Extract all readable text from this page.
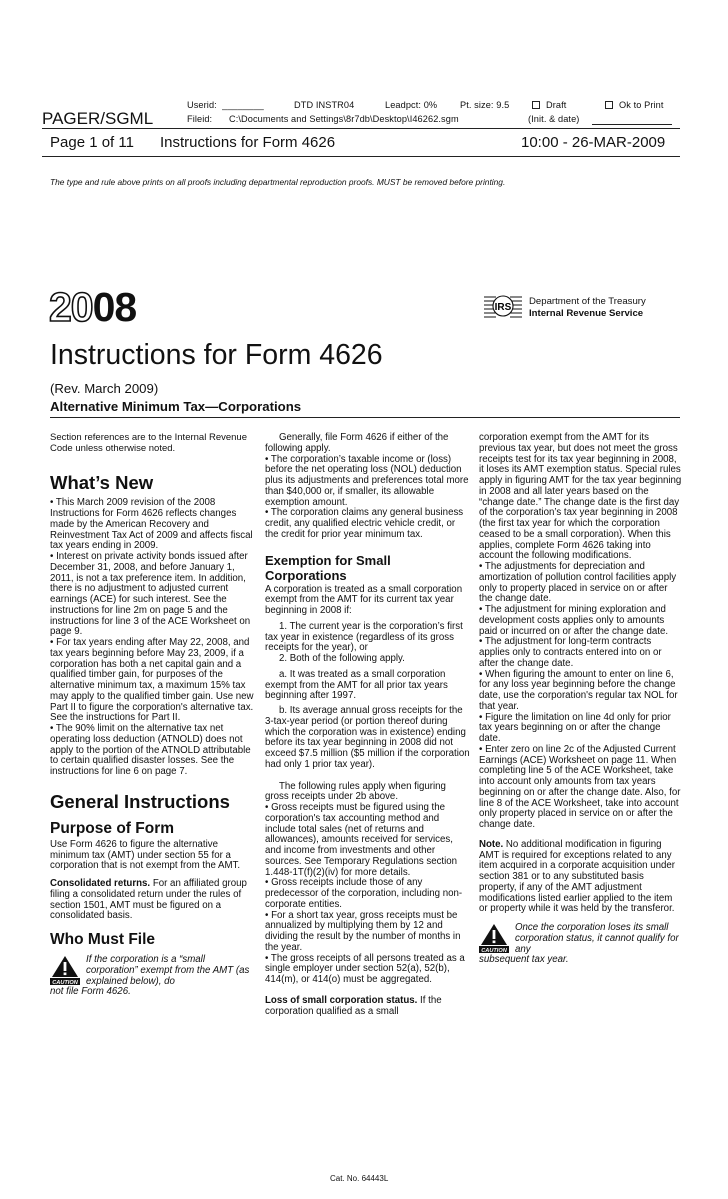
Userid: ________	DTD INSTR04	Leadpct: 0% Pt. size: 9.5	Draft	Ok to Print
PAGER/SGML	Fileid: C:\Documents and Settings\8r7db\Desktop\I46262.sgm	(Init. & date)
Page 1 of 11 Instructions for Form 4626	10:00 - 26-MAR-2009
The type and rule above prints on all proofs including departmental reproduction proofs. MUST be removed before printing.
2008	IRS
Department of the Treasury
Internal Revenue Service
Instructions for Form 4626
(Rev. March 2009)
Alternative Minimum Tax—Corporations

Section references are to the Internal Revenue Code unless otherwise noted.

What’s New

• This March 2009 revision of the 2008 Instructions for Form 4626 reflects changes made by the American Recovery and Reinvestment Tax Act of 2009 and affects fiscal tax years ending in 2009.

• Interest on private activity bonds issued after December 31, 2008, and before January 1, 2011, is not a tax preference item. In addition, there is no adjustment to adjusted current earnings (ACE) for such interest. See the instructions for line 2m on page 5 and the instructions for line 3 of the ACE Worksheet on page 9.

• For tax years ending after May 22, 2008, and tax years beginning before May 23, 2009, if a corporation has both a net capital gain and a qualified timber gain, for purposes of the alternative minimum tax, a maximum 15% tax may apply to the qualified timber gain. Use new Part II to figure the corporation's alternative tax. See the instructions for Part II.

• The 90% limit on the alternative tax net operating loss deduction (ATNOLD) does not apply to the portion of the ATNOLD attributable to certain qualified disaster losses. See the instructions for line 6 on page 7.

General Instructions
Purpose of Form

Use Form 4626 to figure the alternative minimum tax (AMT) under section 55 for a corporation that is not exempt from the AMT.

Consolidated returns. For an affiliated group filing a consolidated return under the rules of section 1501, AMT must be figured on a consolidated basis.

Who Must File
CAUTION

If the corporation is a “small corporation” exempt from the AMT (as explained below), do

not file Form 4626.

Generally, file Form 4626 if either of the following apply.

• The corporation’s taxable income or (loss) before the net operating loss (NOL) deduction plus its adjustments and preferences total more than $40,000 or, if smaller, its allowable exemption amount.

• The corporation claims any general business credit, any qualified electric vehicle credit, or the credit for prior year minimum tax.

Exemption for Small Corporations

A corporation is treated as a small corporation exempt from the AMT for its current tax year beginning in 2008 if:

1. The current year is the corporation’s first tax year in existence (regardless of its gross receipts for the year), or

2. Both of the following apply.

a. It was treated as a small corporation exempt from the AMT for all prior tax years beginning after 1997.

b. Its average annual gross receipts for the 3-tax-year period (or portion thereof during which the corporation was in existence) ending before its tax year beginning in 2008 did not exceed $7.5 million ($5 million if the corporation had only 1 prior tax year).

The following rules apply when figuring gross receipts under 2b above.

• Gross receipts must be figured using the corporation's tax accounting method and include total sales (net of returns and allowances), amounts received for services, and income from investments and other sources. See Temporary Regulations section 1.448-1T(f)(2)(iv) for more details.

• Gross receipts include those of any predecessor of the corporation, including non-corporate entities.

• For a short tax year, gross receipts must be annualized by multiplying them by 12 and dividing the result by the number of months in the year.

• The gross receipts of all persons treated as a single employer under section 52(a), 52(b), 414(m), or 414(o) must be aggregated.

Loss of small corporation status. If the corporation qualified as a small

corporation exempt from the AMT for its previous tax year, but does not meet the gross receipts test for its tax year beginning in 2008, it loses its AMT exemption status. Special rules apply in figuring AMT for the tax year beginning in 2008 and all later years based on the “change date.” The change date is the first day of the corporation’s tax year beginning in 2008 (the first tax year for which the corporation ceased to be a small corporation). When this applies, complete Form 4626 taking into account the following modifications.

• The adjustments for depreciation and amortization of pollution control facilities apply only to property placed in service on or after the change date.

• The adjustment for mining exploration and development costs applies only to amounts paid or incurred on or after the change date.

• The adjustment for long-term contracts applies only to contracts entered into on or after the change date.

• When figuring the amount to enter on line 6, for any loss year beginning before the change date, use the corporation's regular tax NOL for that year.

• Figure the limitation on line 4d only for prior tax years beginning on or after the change date.

• Enter zero on line 2c of the Adjusted Current Earnings (ACE) Worksheet on page 11. When completing line 5 of the ACE Worksheet, take into account only amounts from tax years beginning on or after the change date. Also, for line 8 of the ACE Worksheet, take into account only property placed in service on or after the change date.

Note. No additional modification in figuring AMT is required for exceptions related to any item acquired in a corporate acquisition under section 381 or to any substituted basis property, if any of the AMT adjustment modifications listed earlier applied to the item or property while it was held by the transferor.

CAUTION

Once the corporation loses its small corporation status, it cannot qualify for any

subsequent tax year.

Cat. No. 64443L
